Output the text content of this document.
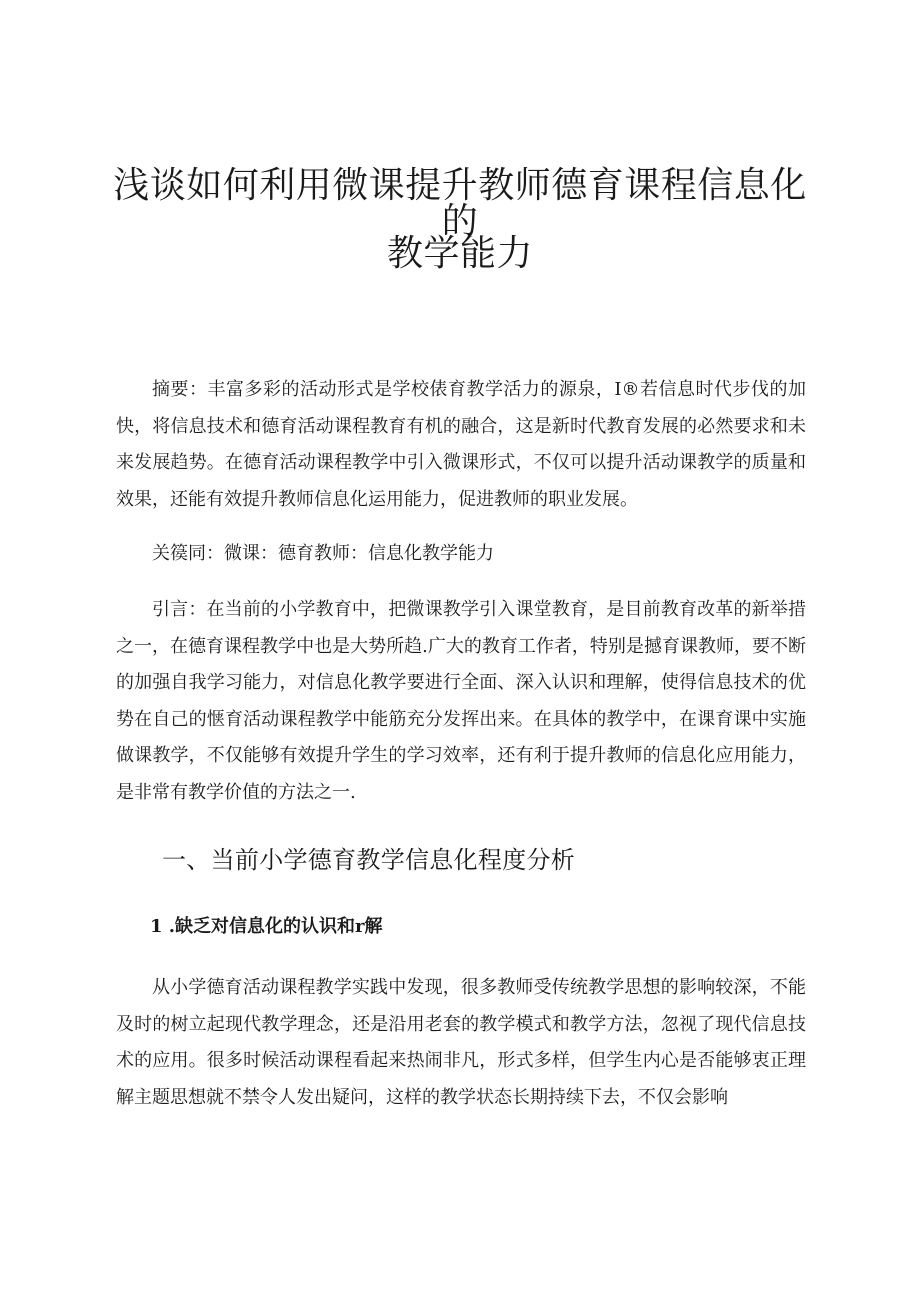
浅谈如何利用微课提升教师德育课程信息化的
教学能力

摘要：丰富多彩的活动形式是学校俵育教学活力的源泉，I®若信息时代步伐的加快，将信息技术和德育活动课程教育有机的融合，这是新时代教育发展的必然要求和未来发展趋势。在德育活动课程教学中引入微课形式，不仅可以提升活动课教学的质量和效果，还能有效提升教师信息化运用能力，促进教师的职业发展。

关篌同：微课：德育教师：信息化教学能力

引言：在当前的小学教育中，把微课教学引入课堂教育，是目前教育改革的新举措之一，在德育课程教学中也是大势所趋.广大的教育工作者，特别是撼育课教师，要不断的加强自我学习能力，对信息化教学要进行全面、深入认识和理解，使得信息技术的优势在自己的惬育活动课程教学中能筋充分发挥出来。在具体的教学中，在课育课中实施做课教学，不仅能够有效提升学生的学习效率，还有利于提升教师的信息化应用能力，是非常有教学价值的方法之一.

一、当前小学德育教学信息化程度分析
1 .缺乏对信息化的认识和r解

从小学德育活动课程教学实践中发现，很多教师受传统教学思想的影响较深，不能及时的树立起现代教学理念，还是沿用老套的教学模式和教学方法，忽视了现代信息技术的应用。很多时候活动课程看起来热闹非凡，形式多样，但学生内心是否能够衷正理解主题思想就不禁令人发出疑问，这样的教学状态长期持续下去，不仅会影响
